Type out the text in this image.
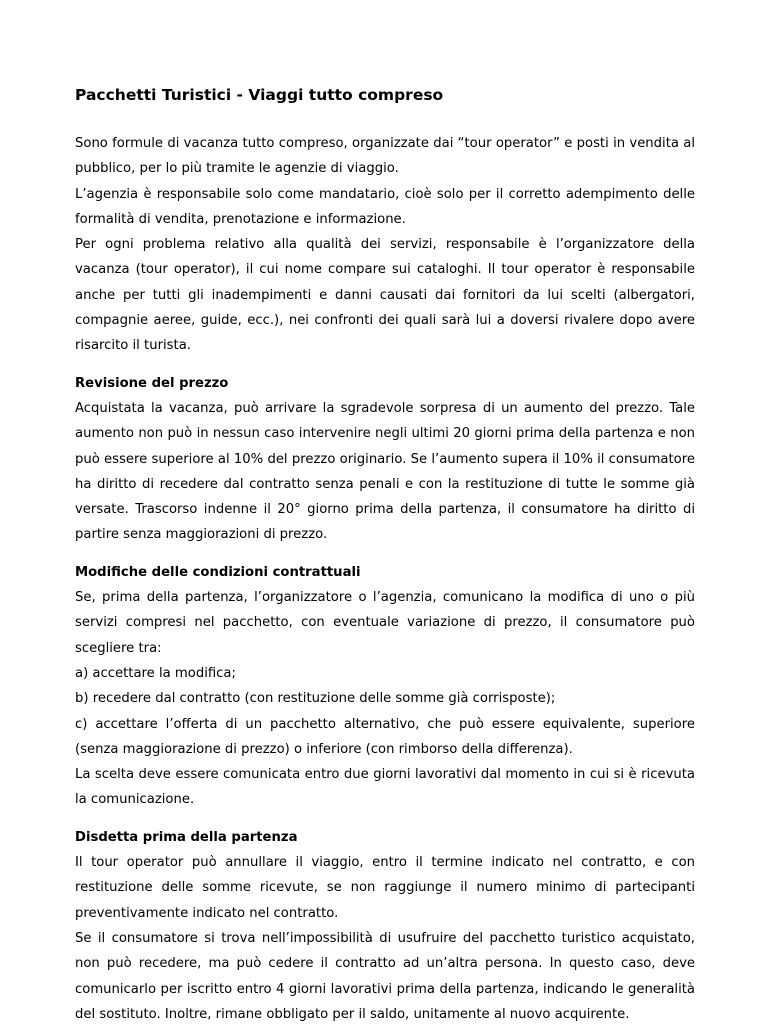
Pacchetti Turistici - Viaggi tutto compreso

Sono formule di vacanza tutto compreso, organizzate dai “tour operator” e posti in vendita al pubblico, per lo più tramite le agenzie di viaggio.

L’agenzia è responsabile solo come mandatario, cioè solo per il corretto adempimento delle formalità di vendita, prenotazione e informazione.

Per ogni problema relativo alla qualità dei servizi, responsabile è l’organizzatore della vacanza (tour operator), il cui nome compare sui cataloghi. Il tour operator è responsabile anche per tutti gli inadempimenti e danni causati dai fornitori da lui scelti (albergatori, compagnie aeree, guide, ecc.), nei confronti dei quali sarà lui a doversi rivalere dopo avere risarcito il turista.

Revisione del prezzo

Acquistata la vacanza, può arrivare la sgradevole sorpresa di un aumento del prezzo. Tale aumento non può in nessun caso intervenire negli ultimi 20 giorni prima della partenza e non può essere superiore al 10% del prezzo originario. Se l’aumento supera il 10% il consumatore ha diritto di recedere dal contratto senza penali e con la restituzione di tutte le somme già versate. Trascorso indenne il 20° giorno prima della partenza, il consumatore ha diritto di partire senza maggiorazioni di prezzo.

Modifiche delle condizioni contrattuali

Se, prima della partenza, l’organizzatore o l’agenzia, comunicano la modifica di uno o più servizi compresi nel pacchetto, con eventuale variazione di prezzo, il consumatore può scegliere tra:

a) accettare la modifica;

b) recedere dal contratto (con restituzione delle somme già corrisposte);

c) accettare l’offerta di un pacchetto alternativo, che può essere equivalente, superiore (senza maggiorazione di prezzo) o inferiore (con rimborso della differenza).

La scelta deve essere comunicata entro due giorni lavorativi dal momento in cui si è ricevuta la comunicazione.

Disdetta prima della partenza

Il tour operator può annullare il viaggio, entro il termine indicato nel contratto, e con restituzione delle somme ricevute, se non raggiunge il numero minimo di partecipanti preventivamente indicato nel contratto.

Se il consumatore si trova nell’impossibilità di usufruire del pacchetto turistico acquistato, non può recedere, ma può cedere il contratto ad un’altra persona. In questo caso, deve comunicarlo per iscritto entro 4 giorni lavorativi prima della partenza, indicando le generalità del sostituto. Inoltre, rimane obbligato per il saldo, unitamente al nuovo acquirente.
